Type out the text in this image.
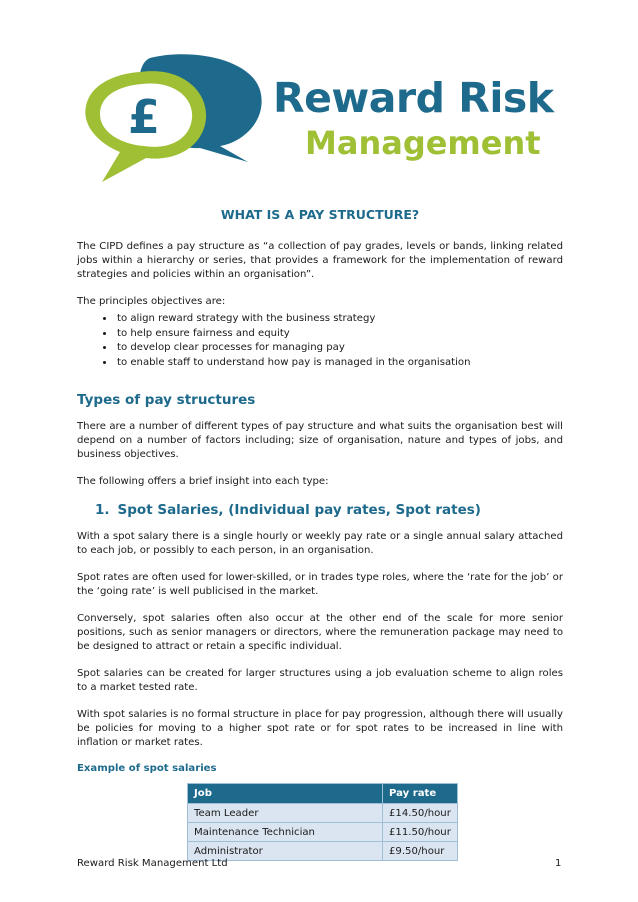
£	Reward Risk
Management
WHAT IS A PAY STRUCTURE?

The CIPD defines a pay structure as “a collection of pay grades, levels or bands, linking related jobs within a hierarchy or series, that provides a framework for the implementation of reward strategies and policies within an organisation”.

The principles objectives are:

• to align reward strategy with the business strategy
• to help ensure fairness and equity
• to develop clear processes for managing pay
• to enable staff to understand how pay is managed in the organisation
Types of pay structures

There are a number of different types of pay structure and what suits the organisation best will depend on a number of factors including; size of organisation, nature and types of jobs, and business objectives.

The following offers a brief insight into each type:

1. Spot Salaries, (Individual pay rates, Spot rates)

With a spot salary there is a single hourly or weekly pay rate or a single annual salary attached to each job, or possibly to each person, in an organisation.

Spot rates are often used for lower-skilled, or in trades type roles, where the ‘rate for the job’ or the ‘going rate’ is well publicised in the market.

Conversely, spot salaries often also occur at the other end of the scale for more senior positions, such as senior managers or directors, where the remuneration package may need to be designed to attract or retain a specific individual.

Spot salaries can be created for larger structures using a job evaluation scheme to align roles to a market tested rate.

With spot salaries is no formal structure in place for pay progression, although there will usually be policies for moving to a higher spot rate or for spot rates to be increased in line with inflation or market rates.

Example of spot salaries
Job	Pay rate
Team Leader	£14.50/hour
Maintenance Technician	£11.50/hour
Administrator	£9.50/hour
Reward Risk Management Ltd	1
